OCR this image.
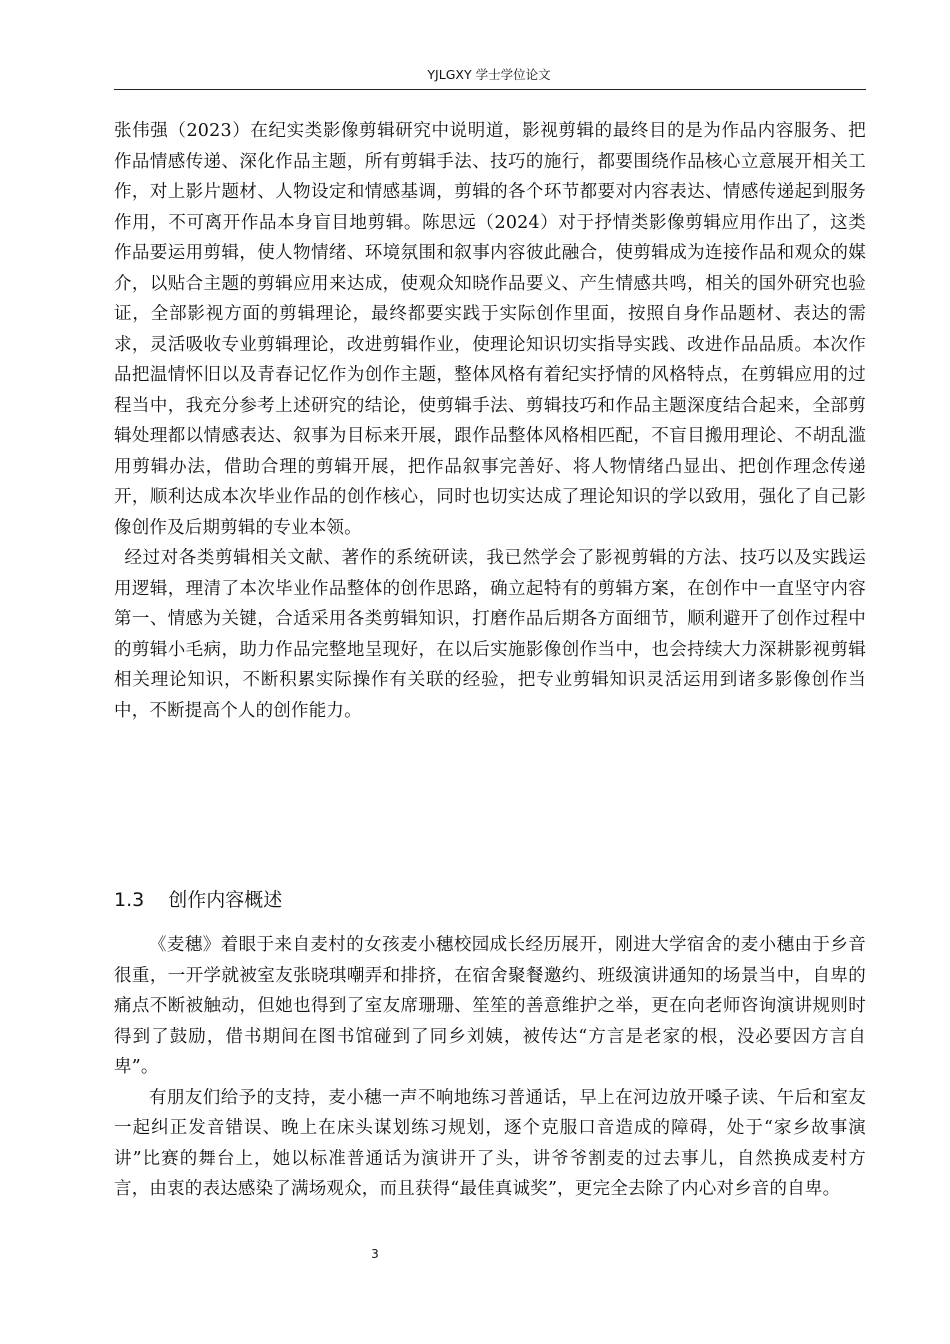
YJLGXY 学士学位论文

张伟强（2023）在纪实类影像剪辑研究中说明道，影视剪辑的最终目的是为作品内容服务、把作品情感传递、深化作品主题，所有剪辑手法、技巧的施行，都要围绕作品核心立意展开相关工作，对上影片题材、人物设定和情感基调，剪辑的各个环节都要对内容表达、情感传递起到服务作用，不可离开作品本身盲目地剪辑。陈思远（2024）对于抒情类影像剪辑应用作出了，这类作品要运用剪辑，使人物情绪、环境氛围和叙事内容彼此融合，使剪辑成为连接作品和观众的媒介，以贴合主题的剪辑应用来达成，使观众知晓作品要义、产生情感共鸣，相关的国外研究也验证，全部影视方面的剪辑理论，最终都要实践于实际创作里面，按照自身作品题材、表达的需求，灵活吸收专业剪辑理论，改进剪辑作业，使理论知识切实指导实践、改进作品品质。本次作品把温情怀旧以及青春记忆作为创作主题，整体风格有着纪实抒情的风格特点，在剪辑应用的过程当中，我充分参考上述研究的结论，使剪辑手法、剪辑技巧和作品主题深度结合起来，全部剪辑处理都以情感表达、叙事为目标来开展，跟作品整体风格相匹配，不盲目搬用理论、不胡乱滥用剪辑办法，借助合理的剪辑开展，把作品叙事完善好、将人物情绪凸显出、把创作理念传递开，顺利达成本次毕业作品的创作核心，同时也切实达成了理论知识的学以致用，强化了自己影像创作及后期剪辑的专业本领。

经过对各类剪辑相关文献、著作的系统研读，我已然学会了影视剪辑的方法、技巧以及实践运用逻辑，理清了本次毕业作品整体的创作思路，确立起特有的剪辑方案，在创作中一直坚守内容第一、情感为关键，合适采用各类剪辑知识，打磨作品后期各方面细节，顺利避开了创作过程中的剪辑小毛病，助力作品完整地呈现好，在以后实施影像创作当中，也会持续大力深耕影视剪辑相关理论知识，不断积累实际操作有关联的经验，把专业剪辑知识灵活运用到诸多影像创作当中，不断提高个人的创作能力。

1.3 创作内容概述

《麦穗》着眼于来自麦村的女孩麦小穗校园成长经历展开，刚进大学宿舍的麦小穗由于乡音很重，一开学就被室友张晓琪嘲弄和排挤，在宿舍聚餐邀约、班级演讲通知的场景当中，自卑的痛点不断被触动，但她也得到了室友席珊珊、笙笙的善意维护之举，更在向老师咨询演讲规则时得到了鼓励，借书期间在图书馆碰到了同乡刘姨，被传达“方言是老家的根，没必要因方言自卑”。

有朋友们给予的支持，麦小穗一声不响地练习普通话，早上在河边放开嗓子读、午后和室友一起纠正发音错误、晚上在床头谋划练习规划，逐个克服口音造成的障碍，处于“家乡故事演讲”比赛的舞台上，她以标准普通话为演讲开了头，讲爷爷割麦的过去事儿，自然换成麦村方言，由衷的表达感染了满场观众，而且获得“最佳真诚奖”，更完全去除了内心对乡音的自卑。

3
